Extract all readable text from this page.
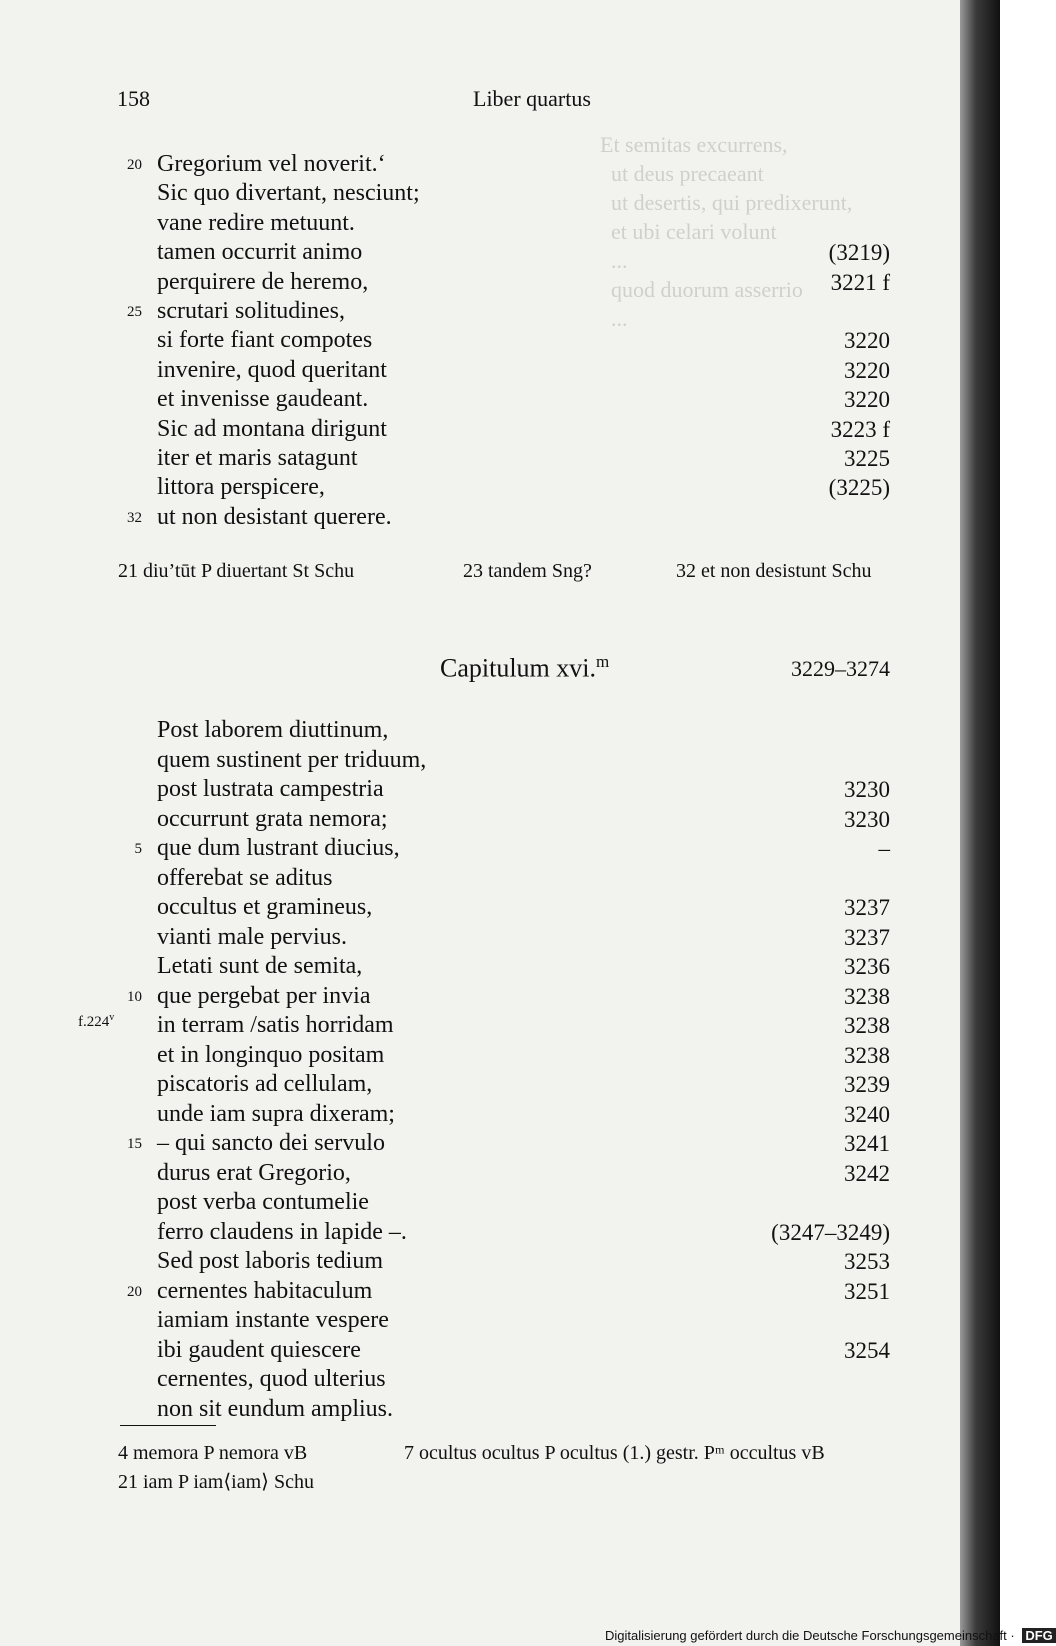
Et semitas excurrens,
ut deus precaeant
ut desertis, qui predixerunt,
et ubi celari volunt
...
quod duorum asserrio
...
158	Liber quartus
20 Gregorium vel noverit.‘
Sic quo divertant, nesciunt;
vane redire metuunt.
tamen occurrit animo	(3219)
perquirere de heremo,	3221 f
25 scrutari solitudines,
si forte fiant compotes	3220
invenire, quod queritant	3220
et invenisse gaudeant.	3220
Sic ad montana dirigunt	3223 f
iter et maris satagunt	3225
littora perspicere,	(3225)
32 ut non desistant querere.
21 diu’tūt P diuertant St Schu	23 tandem Sng?	32 et non desistunt Schu
Capitulum xvi.$^m$	3229–3274
Post laborem diuttinum,
quem sustinent per triduum,
post lustrata campestria	3230
occurrunt grata nemora;	3230
5 que dum lustrant diucius,	–
offerebat se aditus
occultus et gramineus,	3237
vianti male pervius.	3237
Letati sunt de semita,	3236
10 que pergebat per invia	3238
in terram /satis horridam	3238
et in longinquo positam	3238
piscatoris ad cellulam,	3239
unde iam supra dixeram;	3240
15 – qui sancto dei servulo	3241
durus erat Gregorio,	3242
post verba contumelie
ferro claudens in lapide –.	(3247–3249)
Sed post laboris tedium	3253
20 cernentes habitaculum	3251
iamiam instante vespere
ibi gaudent quiescere	3254
cernentes, quod ulterius
non sit eundum amplius.
f.224$^v$
4 memora P nemora vB	7 ocultus ocultus P ocultus (1.) gestr. Pᵐ occultus vB
21 iam P iam⟨iam⟩ Schu
Digitalisierung gefördert durch die Deutsche Forschungsgemeinschaft · DFG
